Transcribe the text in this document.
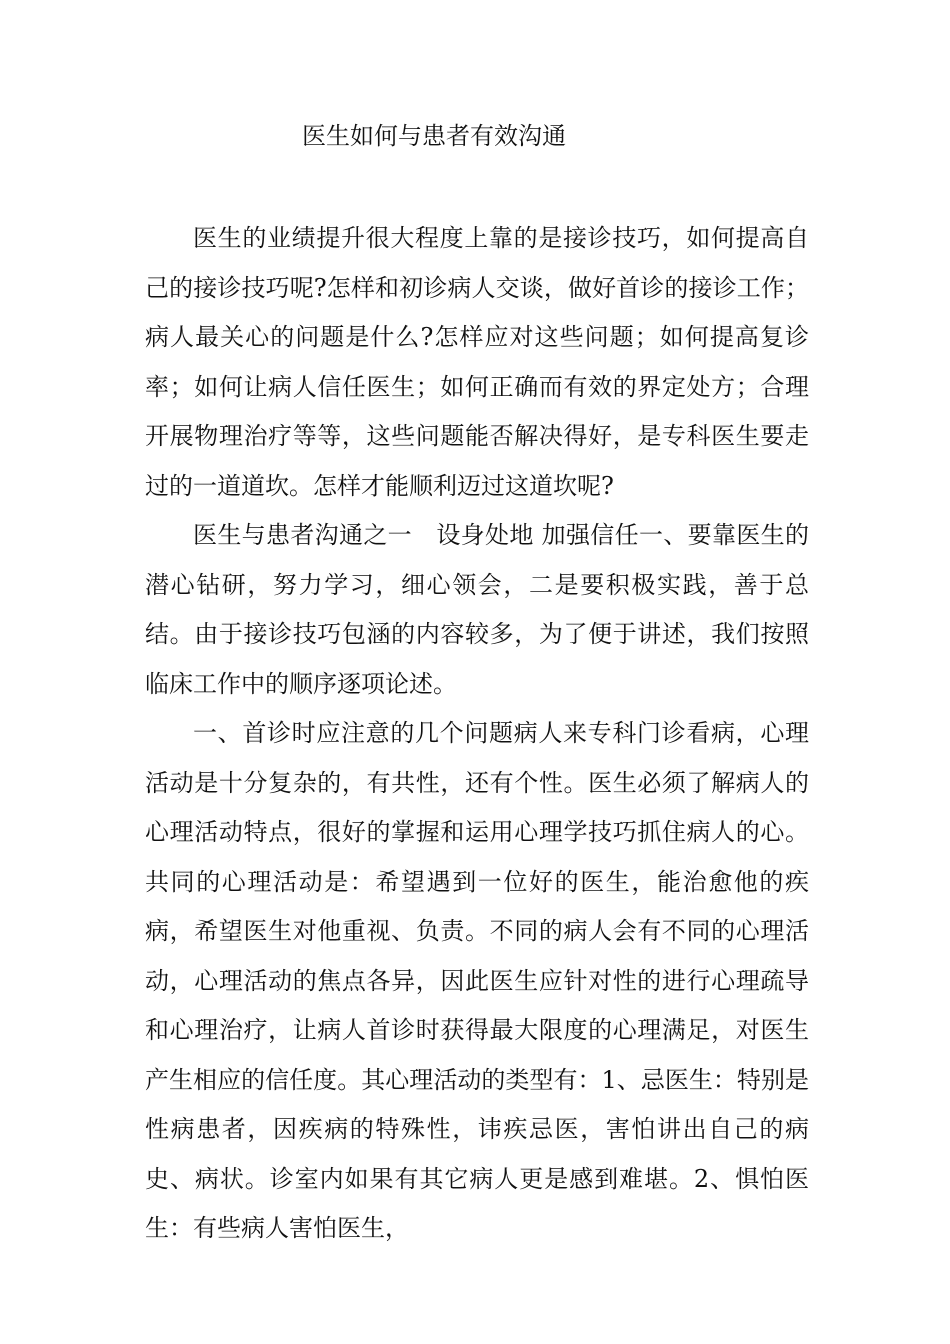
医生如何与患者有效沟通

医生的业绩提升很大程度上靠的是接诊技巧，如何提高自己的接诊技巧呢?怎样和初诊病人交谈，做好首诊的接诊工作；病人最关心的问题是什么?怎样应对这些问题；如何提高复诊率；如何让病人信任医生；如何正确而有效的界定处方；合理开展物理治疗等等，这些问题能否解决得好，是专科医生要走过的一道道坎。怎样才能顺利迈过这道坎呢?

医生与患者沟通之一　设身处地 加强信任一、要靠医生的潜心钻研，努力学习，细心领会，二是要积极实践，善于总结。由于接诊技巧包涵的内容较多，为了便于讲述，我们按照临床工作中的顺序逐项论述。

一、首诊时应注意的几个问题病人来专科门诊看病，心理活动是十分复杂的，有共性，还有个性。医生必须了解病人的心理活动特点，很好的掌握和运用心理学技巧抓住病人的心。共同的心理活动是：希望遇到一位好的医生，能治愈他的疾病，希望医生对他重视、负责。不同的病人会有不同的心理活动，心理活动的焦点各异，因此医生应针对性的进行心理疏导和心理治疗，让病人首诊时获得最大限度的心理满足，对医生产生相应的信任度。其心理活动的类型有：1、忌医生：特别是性病患者，因疾病的特殊性，讳疾忌医，害怕讲出自己的病史、病状。诊室内如果有其它病人更是感到难堪。2、惧怕医生：有些病人害怕医生，
